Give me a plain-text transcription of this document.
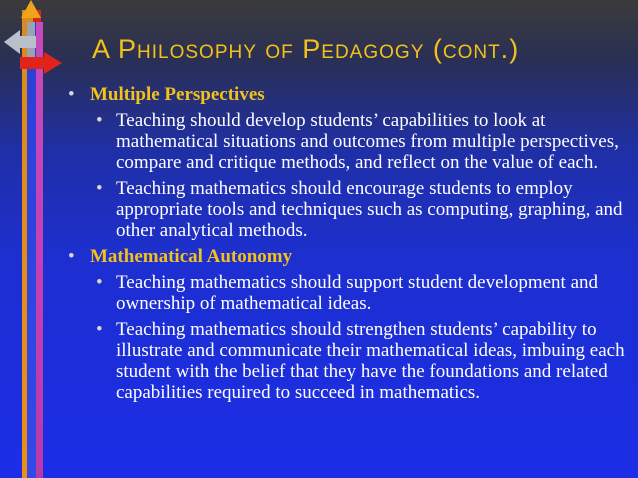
A Philosophy of Pedagogy (cont.)
• Multiple Perspectives
• Teaching should develop students’ capabilities to look at mathematical situations and outcomes from multiple perspectives, compare and critique methods, and reflect on the value of each.
• Teaching mathematics should encourage students to employ appropriate tools and techniques such as computing, graphing, and other analytical methods.
• Mathematical Autonomy
• Teaching mathematics should support student development and ownership of mathematical ideas.
• Teaching mathematics should strengthen students’ capability to illustrate and communicate their mathematical ideas, imbuing each student with the belief that they have the foundations and related capabilities required to succeed in mathematics.
